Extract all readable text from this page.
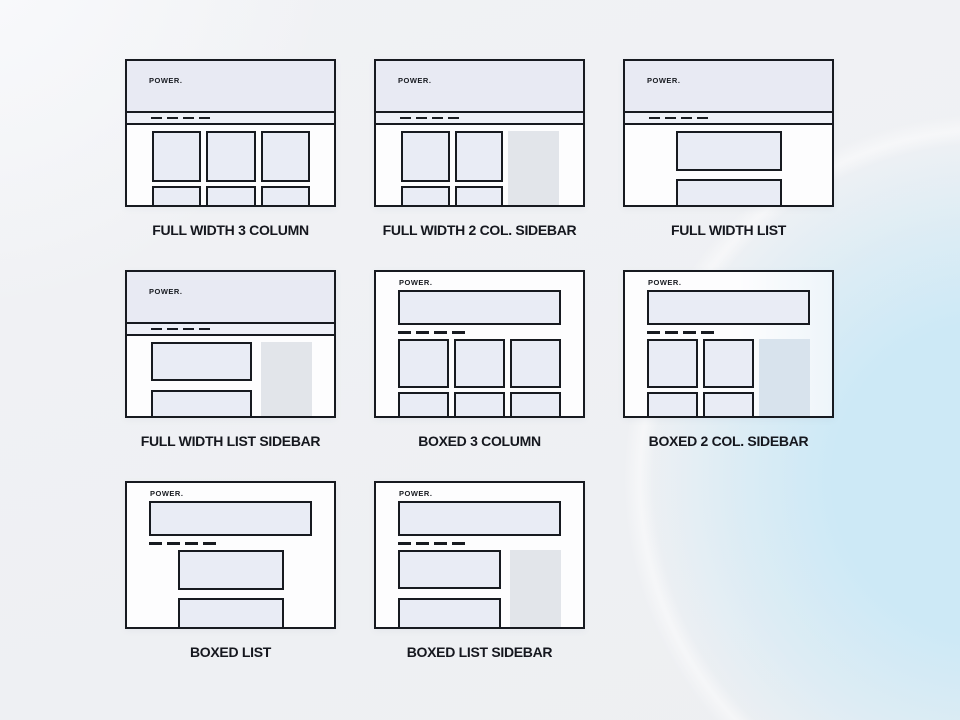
POWER.
FULL WIDTH 3 COLUMN
POWER.
FULL WIDTH 2 COL. SIDEBAR
POWER.
FULL WIDTH LIST
POWER.
FULL WIDTH LIST SIDEBAR
POWER.
BOXED 3 COLUMN
POWER.
BOXED 2 COL. SIDEBAR
POWER.
BOXED LIST
POWER.
BOXED LIST SIDEBAR
